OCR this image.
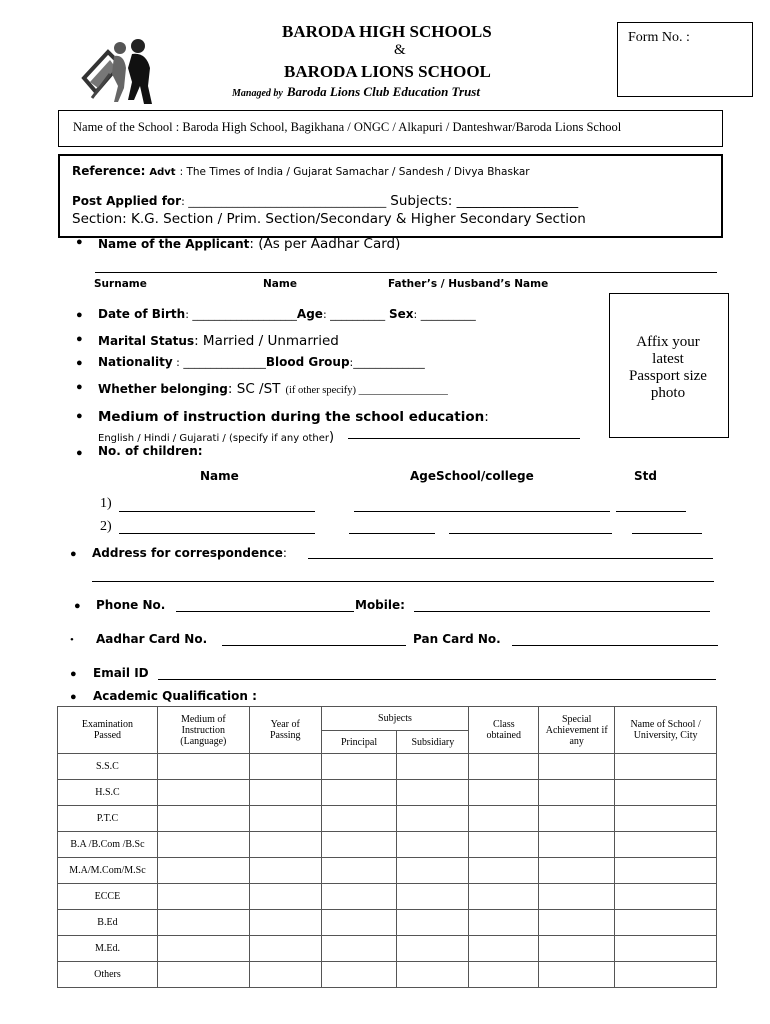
BARODA HIGH SCHOOLS
&
BARODA LIONS SCHOOL
Managed by Baroda Lions Club Education Trust
Form No. :
Name of the School : Baroda High School, Bagikhana / ONGC / Alkapuri / Danteshwar/Baroda Lions School
Reference: Advt : The Times of India / Gujarat Samachar / Sandesh / Divya Bhaskar
Post Applied for: ____________________________________ Subjects: __________________
Section: K.G. Section / Prim. Section/Secondary & Higher Secondary Section
● Name of the Applicant: (As per Aadhar Card)
Surname	Name	Father’s / Husband’s Name
Affix your
latest
Passport size
photo
● Date of Birth: ___________________Age: __________ Sex: __________
● Marital Status: Married / Unmarried
● Nationality : _______________Blood Group:_____________
● Whether belonging: SC /ST (if other specify) _________________
● Medium of instruction during the school education:
English / Hindi / Gujarati / (specify if any other)
● No. of children:
Name	AgeSchool/college	Std
1)
2)
● Address for correspondence:
● Phone No.	Mobile:
• Aadhar Card No.	Pan Card No.
● Email ID
● Academic Qualification :
Examination Passed	Medium of Instruction (Language)	Year of Passing	Subjects		Class obtained	Special Achievement if any	Name of School / University, City
			Principal	Subsidiary			
S.S.C							
H.S.C							
P.T.C							
B.A /B.Com /B.Sc							
M.A/M.Com/M.Sc							
ECCE							
B.Ed							
M.Ed.							
Others							
